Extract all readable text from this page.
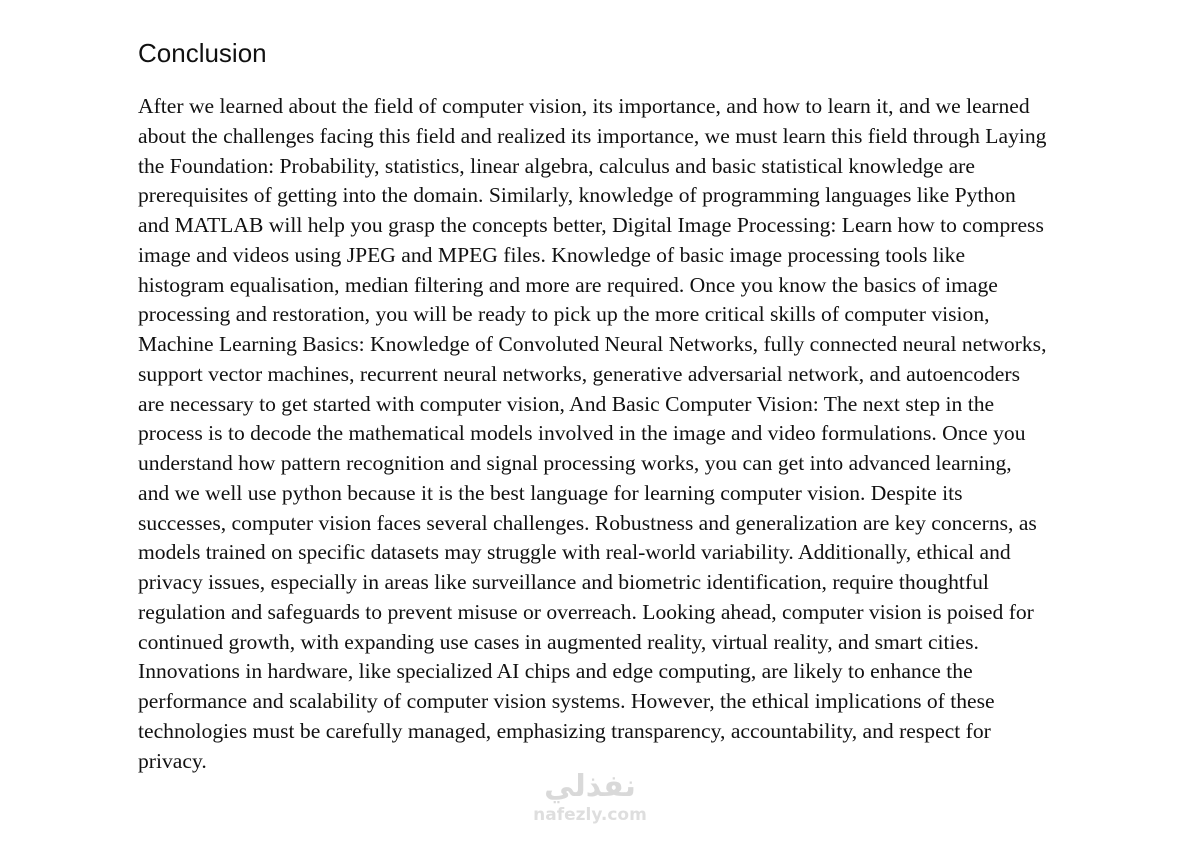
Conclusion

After we learned about the field of computer vision, its importance, and how to learn it, and we learned about the challenges facing this field and realized its importance, we must learn this field through Laying the Foundation: Probability, statistics, linear algebra, calculus and basic statistical knowledge are prerequisites of getting into the domain. Similarly, knowledge of programming languages like Python and MATLAB will help you grasp the concepts better, Digital Image Processing: Learn how to compress image and videos using JPEG and MPEG files. Knowledge of basic image processing tools like histogram equalisation, median filtering and more are required. Once you know the basics of image processing and restoration, you will be ready to pick up the more critical skills of computer vision, Machine Learning Basics: Knowledge of Convoluted Neural Networks, fully connected neural networks, support vector machines, recurrent neural networks, generative adversarial network, and autoencoders are necessary to get started with computer vision, And Basic Computer Vision: The next step in the process is to decode the mathematical models involved in the image and video formulations. Once you understand how pattern recognition and signal processing works, you can get into advanced learning, and we well use python because it is the best language for learning computer vision. Despite its successes, computer vision faces several challenges. Robustness and generalization are key concerns, as models trained on specific datasets may struggle with real-world variability. Additionally, ethical and privacy issues, especially in areas like surveillance and biometric identification, require thoughtful regulation and safeguards to prevent misuse or overreach. Looking ahead, computer vision is poised for continued growth, with expanding use cases in augmented reality, virtual reality, and smart cities. Innovations in hardware, like specialized AI chips and edge computing, are likely to enhance the performance and scalability of computer vision systems. However, the ethical implications of these technologies must be carefully managed, emphasizing transparency, accountability, and respect for privacy.

نفذلي
nafezly.com
